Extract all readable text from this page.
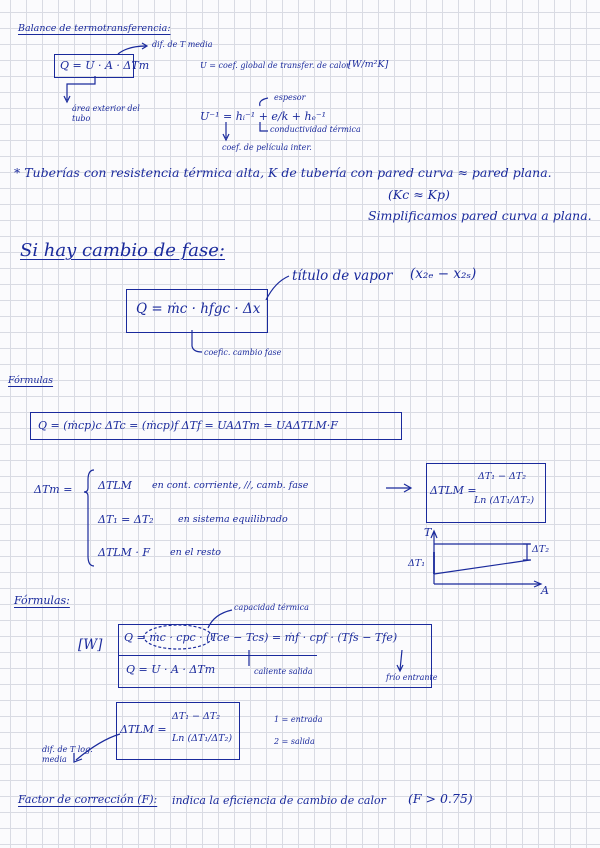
Balance de termotransferencia:
Q = U · A · ΔTm
dif. de T media
U = coef. global de transfer. de calor
[W/m²K]
área exterior del tubo
espesor
U⁻¹ = hᵢ⁻¹ + e/k + hₑ⁻¹
conductividad térmica
coef. de película inter.
* Tuberías con resistencia térmica alta, K de tubería con pared curva ≈ pared plana.
(Kc ≈ Kp)
Simplificamos pared curva a plana.
Si hay cambio de fase:
título de vapor (x₂ₑ − x₂ₛ)
Q = ṁc · hfgc · Δx
coefic. cambio fase
Fórmulas
Q = (ṁcp)c ΔTc = (ṁcp)f ΔTf = UAΔTm = UAΔTLM·F
ΔTm = ΔTLM en cont. corriente, //, camb. fase
ΔT₁ = ΔT₂	en sistema equilibrado
ΔTLM · F en el resto
ΔTLM =
ΔT₁ − ΔT₂
Ln (ΔT₁/ΔT₂)
T
A
ΔT₁
ΔT₂
Fórmulas:
capacidad térmica
[W] Q = ṁc · cpc · (Tce − Tcs) = ṁf · cpf · (Tfs − Tfe)
Q = U · A · ΔTm	caliente salida
frío entrante
ΔTLM =
ΔT₁ − ΔT₂
Ln (ΔT₁/ΔT₂)
1 = entrada
2 = salida
dif. de T log. media
Factor de corrección (F): indica la eficiencia de cambio de calor (F > 0.75)
